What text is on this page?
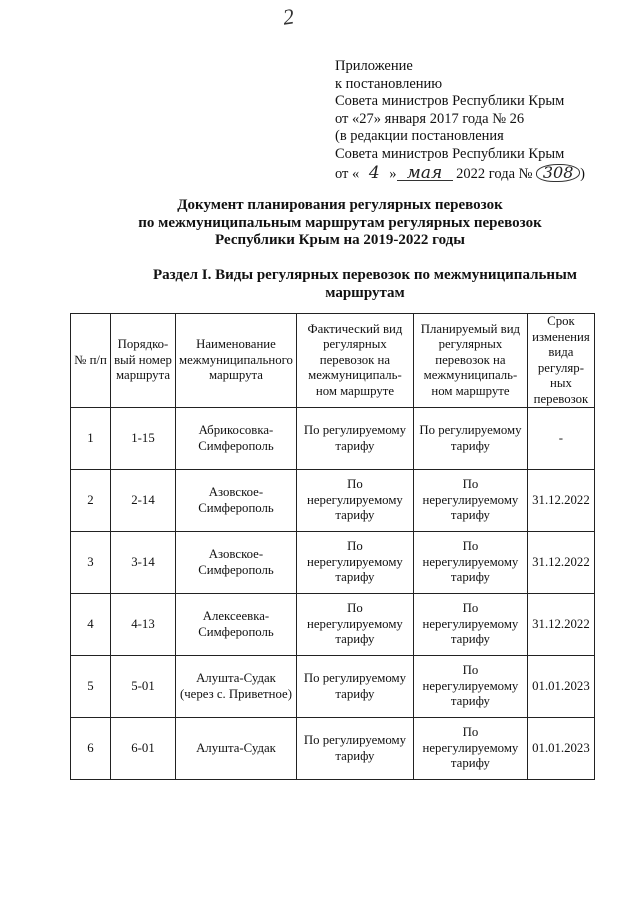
2
Приложение
к постановлению
Совета министров Республики Крым
от «27» января 2017 года № 26
(в редакции постановления
Совета министров Республики Крым
от « 4 » мая 2022 года № 308 )
Документ планирования регулярных перевозок
по межмуниципальным маршрутам регулярных перевозок
Республики Крым на 2019-2022 годы
Раздел I. Виды регулярных перевозок по межмуниципальным маршрутам
№ п/п	Порядко-вый номер маршрута	Наименование межмуниципального маршрута	Фактический вид регулярных перевозок на межмуниципаль-ном маршруте	Планируемый вид регулярных перевозок на межмуниципаль-ном маршруте	Срок изменения вида регуляр-ных перевозок
1	1-15	Абрикосовка-Симферополь	По регулируемому тарифу	По регулируемому тарифу	-
2	2-14	Азовское-Симферополь	По нерегулируемому тарифу	По нерегулируемому тарифу	31.12.2022
3	3-14	Азовское-Симферополь	По нерегулируемому тарифу	По нерегулируемому тарифу	31.12.2022
4	4-13	Алексеевка-Симферополь	По нерегулируемому тарифу	По нерегулируемому тарифу	31.12.2022
5	5-01	Алушта-Судак (через с. Приветное)	По регулируемому тарифу	По нерегулируемому тарифу	01.01.2023
6	6-01	Алушта-Судак	По регулируемому тарифу	По нерегулируемому тарифу	01.01.2023
